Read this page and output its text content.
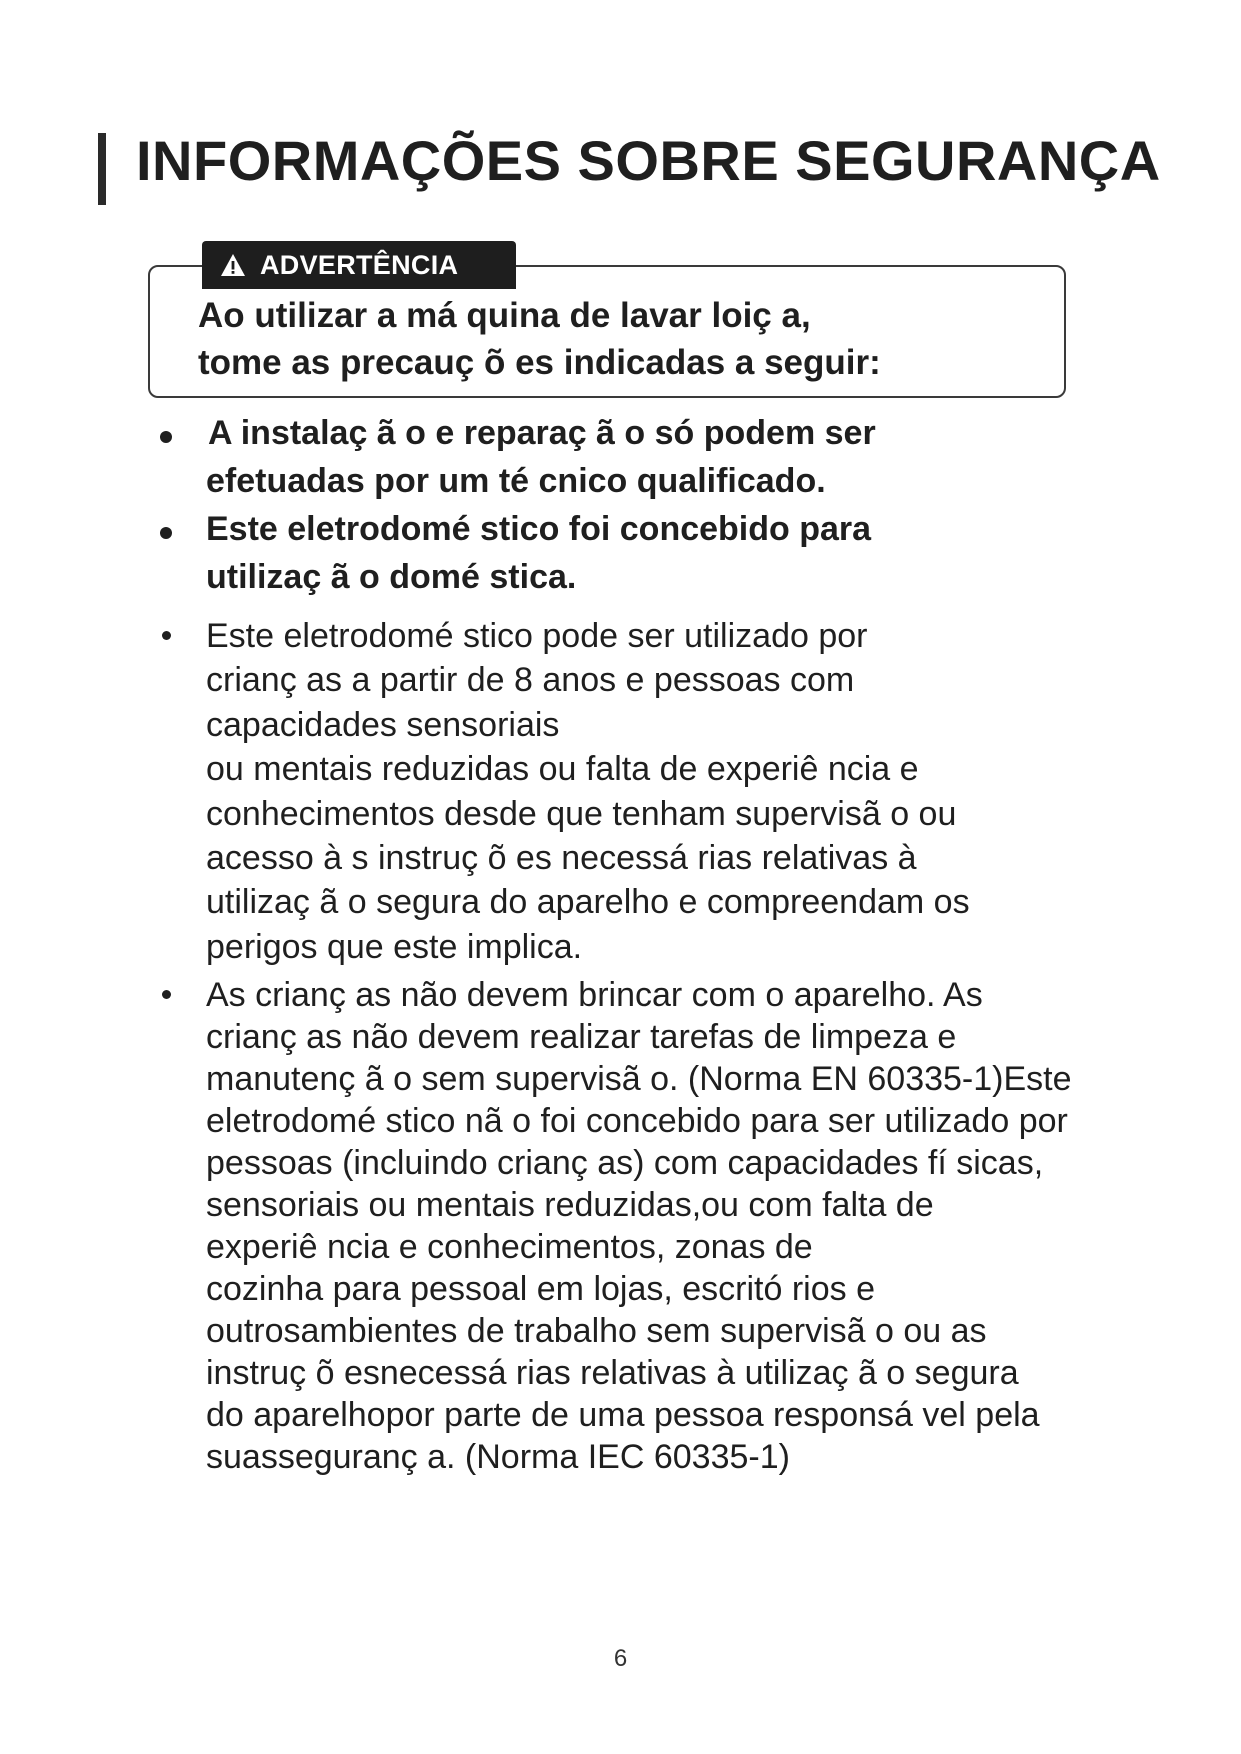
INFORMAÇÕES SOBRE SEGURANÇA
ADVERTÊNCIA
Ao utilizar a má quina de lavar loiç a,
tome as precauç õ es indicadas a seguir:
A instalaç ã o e reparaç ã o só podem ser
efetuadas por um té cnico qualificado.
Este eletrodomé stico foi concebido para
utilizaç ã o domé stica.
Este eletrodomé stico pode ser utilizado por
crianç as a partir de 8 anos e pessoas com
capacidades sensoriais
ou mentais reduzidas ou falta de experiê ncia e
conhecimentos desde que tenham supervisã o ou
acesso à s instruç õ es necessá rias relativas à
utilizaç ã o segura do aparelho e compreendam os
perigos que este implica.
As crianç as não devem brincar com o aparelho. As
crianç as não devem realizar tarefas de limpeza e
manutenç ã o sem supervisã o. (Norma EN 60335-1)Este
eletrodomé stico nã o foi concebido para ser utilizado por
pessoas (incluindo crianç as) com capacidades fí sicas,
sensoriais ou mentais reduzidas,ou com falta de
experiê ncia e conhecimentos, zonas de
cozinha para pessoal em lojas, escritó rios e
outrosambientes de trabalho sem supervisã o ou as
instruç õ esnecessá rias relativas à utilizaç ã o segura
do aparelhopor parte de uma pessoa responsá vel pela
suasseguranç a. (Norma IEC 60335-1)
6
